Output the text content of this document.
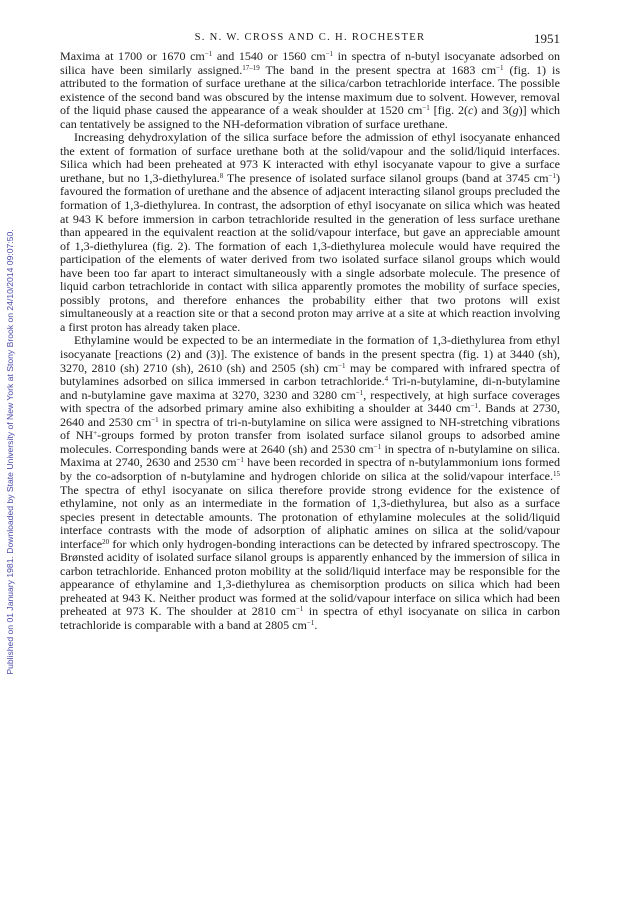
Published on 01 January 1981. Downloaded by State University of New York at Stony Brook on 24/10/2014 09:07:50.
S. N. W. CROSS AND C. H. ROCHESTER	1951

Maxima at 1700 or 1670 $cm^{-1}$ and 1540 or 1560 $cm^{-1}$ in spectra of n-butyl isocyanate adsorbed on silica have been similarly assigned.$^{17-19}$ The band in the present spectra at 1683 $cm^{-1}$ (fig. 1) is attributed to the formation of surface urethane at the silica/carbon tetrachloride interface. The possible existence of the second band was obscured by the intense maximum due to solvent. However, removal of the liquid phase caused the appearance of a weak shoulder at 1520 $cm^{-1}$ [fig. 2(c) and 3(g)] which can tentatively be assigned to the NH-deformation vibration of surface urethane.

Increasing dehydroxylation of the silica surface before the admission of ethyl isocyanate enhanced the extent of formation of surface urethane both at the solid/vapour and the solid/liquid interfaces. Silica which had been preheated at 973 K interacted with ethyl isocyanate vapour to give a surface urethane, but no 1,3-diethylurea.$^8$ The presence of isolated surface silanol groups (band at 3745 $cm^{-1}$) favoured the formation of urethane and the absence of adjacent interacting silanol groups precluded the formation of 1,3-diethylurea. In contrast, the adsorption of ethyl isocyanate on silica which was heated at 943 K before immersion in carbon tetrachloride resulted in the generation of less surface urethane than appeared in the equivalent reaction at the solid/vapour interface, but gave an appreciable amount of 1,3-diethylurea (fig. 2). The formation of each 1,3-diethylurea molecule would have required the participation of the elements of water derived from two isolated surface silanol groups which would have been too far apart to interact simultaneously with a single adsorbate molecule. The presence of liquid carbon tetrachloride in contact with silica apparently promotes the mobility of surface species, possibly protons, and therefore enhances the probability either that two protons will exist simultaneously at a reaction site or that a second proton may arrive at a site at which reaction involving a first proton has already taken place.

Ethylamine would be expected to be an intermediate in the formation of 1,3-diethylurea from ethyl isocyanate [reactions (2) and (3)]. The existence of bands in the present spectra (fig. 1) at 3440 (sh), 3270, 2810 (sh) 2710 (sh), 2610 (sh) and 2505 (sh) $cm^{-1}$ may be compared with infrared spectra of butylamines adsorbed on silica immersed in carbon tetrachloride.$^4$ Tri-n-butylamine, di-n-butylamine and n-butylamine gave maxima at 3270, 3230 and 3280 $cm^{-1}$, respectively, at high surface coverages with spectra of the adsorbed primary amine also exhibiting a shoulder at 3440 $cm^{-1}$. Bands at 2730, 2640 and 2530 $cm^{-1}$ in spectra of tri-n-butylamine on silica were assigned to NH-stretching vibrations of NH+-groups formed by proton transfer from isolated surface silanol groups to adsorbed amine molecules. Corresponding bands were at 2640 (sh) and 2530 $cm^{-1}$ in spectra of n-butylamine on silica. Maxima at 2740, 2630 and 2530 $cm^{-1}$ have been recorded in spectra of n-butylammonium ions formed by the co-adsorption of n-butylamine and hydrogen chloride on silica at the solid/vapour interface.$^{15}$ The spectra of ethyl isocyanate on silica therefore provide strong evidence for the existence of ethylamine, not only as an intermediate in the formation of 1,3-diethylurea, but also as a surface species present in detectable amounts. The protonation of ethylamine molecules at the solid/liquid interface contrasts with the mode of adsorption of aliphatic amines on silica at the solid/vapour interface$^{20}$ for which only hydrogen-bonding interactions can be detected by infrared spectroscopy. The Brønsted acidity of isolated surface silanol groups is apparently enhanced by the immersion of silica in carbon tetrachloride. Enhanced proton mobility at the solid/liquid interface may be responsible for the appearance of ethylamine and 1,3-diethylurea as chemisorption products on silica which had been preheated at 943 K. Neither product was formed at the solid/vapour interface on silica which had been preheated at 973 K. The shoulder at 2810 $cm^{-1}$ in spectra of ethyl isocyanate on silica in carbon tetrachloride is comparable with a band at 2805 $cm^{-1}$.
